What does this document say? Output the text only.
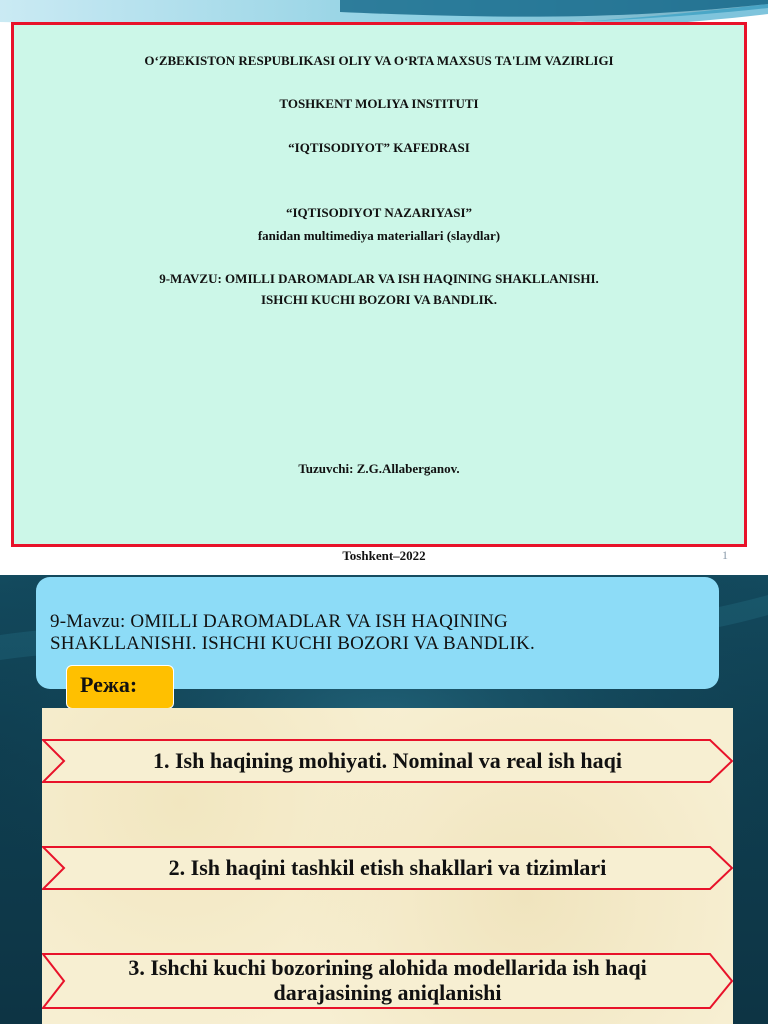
O‘ZBEKISTON RESPUBLIKASI OLIY VA O‘RTA MAXSUS TA'LIM VAZIRLIGI
TOSHKENT MOLIYA INSTITUTI
“IQTISODIYOT” KAFEDRASI
“IQTISODIYOT NAZARIYASI”
fanidan multimediya materiallari (slaydlar)
9-MAVZU: OMILLI DAROMADLAR VA ISH HAQINING SHAKLLANISHI.
ISHCHI KUCHI BOZORI VA BANDLIK.
Tuzuvchi: Z.G.Allaberganov.
Toshkent–2022	1
9-Mavzu: OMILLI DAROMADLAR VA ISH HAQINING
SHAKLLANISHI. ISHCHI KUCHI BOZORI VA BANDLIK.
Режа:
1. Ish haqining mohiyati. Nominal va real ish haqi
2. Ish haqini tashkil etish shakllari va tizimlari
3. Ishchi kuchi bozorining alohida modellarida ish haqi
darajasining aniqlanishi
